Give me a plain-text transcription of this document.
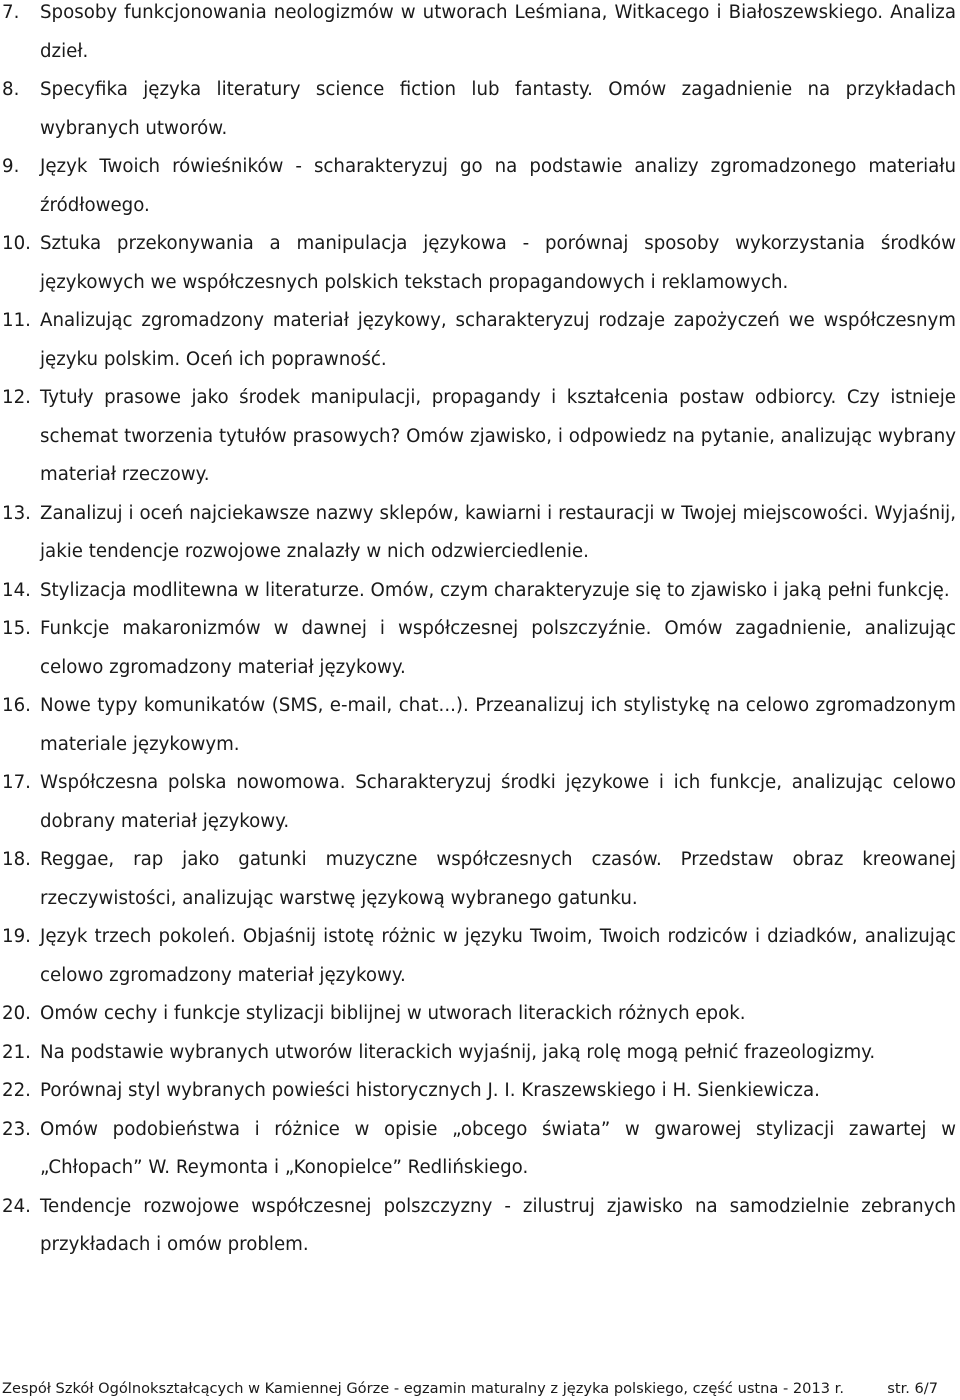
7. Sposoby funkcjonowania neologizmów w utworach Leśmiana, Witkacego i Białoszewskiego. Analiza dzieł.
8. Specyfika języka literatury science fiction lub fantasty. Omów zagadnienie na przykładach wybranych utworów.
9. Język Twoich rówieśników - scharakteryzuj go na podstawie analizy zgromadzonego materiału źródłowego.
10. Sztuka przekonywania a manipulacja językowa - porównaj sposoby wykorzystania środków językowych we współczesnych polskich tekstach propagandowych i reklamowych.
11. Analizując zgromadzony materiał językowy, scharakteryzuj rodzaje zapożyczeń we współczesnym języku polskim. Oceń ich poprawność.
12. Tytuły prasowe jako środek manipulacji, propagandy i kształcenia postaw odbiorcy. Czy istnieje schemat tworzenia tytułów prasowych? Omów zjawisko, i odpowiedz na pytanie, analizując wybrany materiał rzeczowy.
13. Zanalizuj i oceń najciekawsze nazwy sklepów, kawiarni i restauracji w Twojej miejscowości. Wyjaśnij, jakie tendencje rozwojowe znalazły w nich odzwierciedlenie.
14. Stylizacja modlitewna w literaturze. Omów, czym charakteryzuje się to zjawisko i jaką pełni funkcję.
15. Funkcje makaronizmów w dawnej i współczesnej polszczyźnie. Omów zagadnienie, analizując celowo zgromadzony materiał językowy.
16. Nowe typy komunikatów (SMS, e-mail, chat...). Przeanalizuj ich stylistykę na celowo zgromadzonym materiale językowym.
17. Współczesna polska nowomowa. Scharakteryzuj środki językowe i ich funkcje, analizując celowo dobrany materiał językowy.
18. Reggae, rap jako gatunki muzyczne współczesnych czasów. Przedstaw obraz kreowanej rzeczywistości, analizując warstwę językową wybranego gatunku.
19. Język trzech pokoleń. Objaśnij istotę różnic w języku Twoim, Twoich rodziców i dziadków, analizując celowo zgromadzony materiał językowy.
20. Omów cechy i funkcje stylizacji biblijnej w utworach literackich różnych epok.
21. Na podstawie wybranych utworów literackich wyjaśnij, jaką rolę mogą pełnić frazeologizmy.
22. Porównaj styl wybranych powieści historycznych J. I. Kraszewskiego i H. Sienkiewicza.
23. Omów podobieństwa i różnice w opisie „obcego świata” w gwarowej stylizacji zawartej w „Chłopach” W. Reymonta i „Konopielce” Redlińskiego.
24. Tendencje rozwojowe współczesnej polszczyzny - zilustruj zjawisko na samodzielnie zebranych przykładach i omów problem.
Zespół Szkół Ogólnokształcących w Kamiennej Górze - egzamin maturalny z języka polskiego, część ustna - 2013 r.	str. 6/7
